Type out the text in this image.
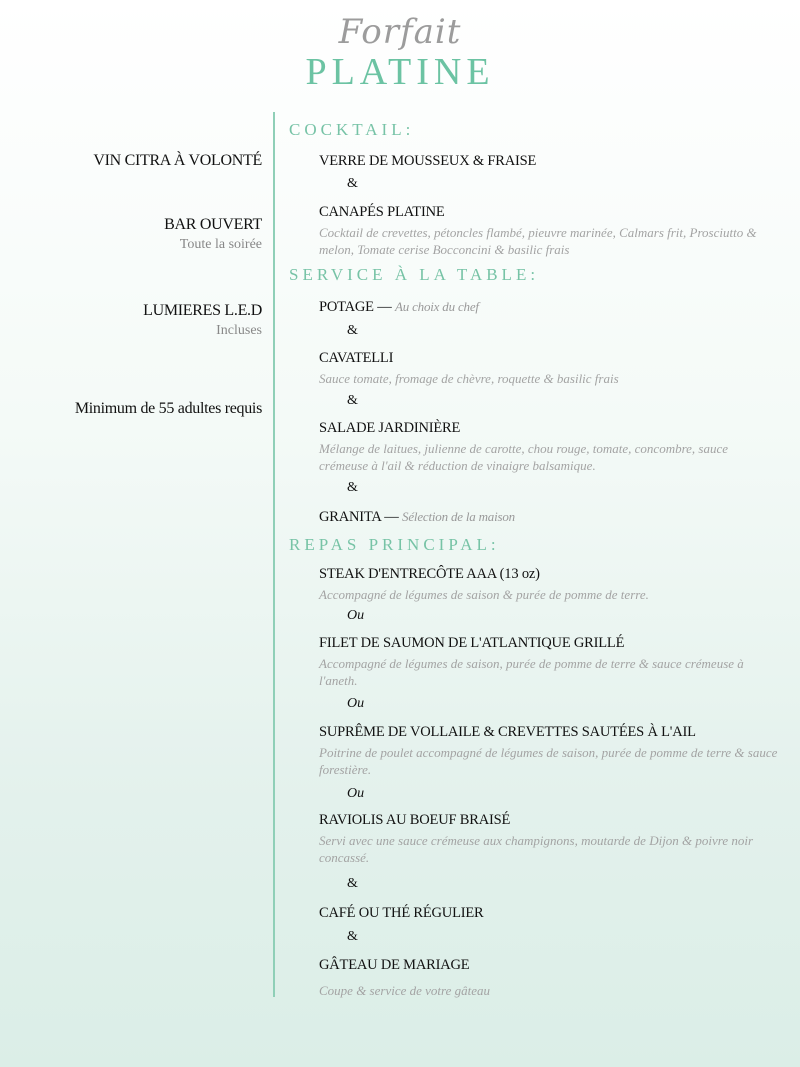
Forfait
PLATINE
VIN CITRA À VOLONTÉ
BAR OUVERT
Toute la soirée
LUMIERES L.E.D
Incluses
Minimum de 55 adultes requis
COCKTAIL:
SERVICE À LA TABLE:
REPAS PRINCIPAL:
VERRE DE MOUSSEUX & FRAISE
&
CANAPÉS PLATINE
Cocktail de crevettes, pétoncles flambé, pieuvre marinée, Calmars frit, Prosciutto & melon, Tomate cerise Bocconcini & basilic frais
POTAGE — Au choix du chef
&
CAVATELLI
Sauce tomate, fromage de chèvre, roquette & basilic frais
&
SALADE JARDINIÈRE
Mélange de laitues, julienne de carotte, chou rouge, tomate, concombre, sauce crémeuse à l'ail & réduction de vinaigre balsamique.
&
GRANITA — Sélection de la maison
STEAK D'ENTRECÔTE AAA (13 oz)
Accompagné de légumes de saison & purée de pomme de terre.
Ou
FILET DE SAUMON DE L'ATLANTIQUE GRILLÉ
Accompagné de légumes de saison, purée de pomme de terre & sauce crémeuse à l'aneth.
Ou
SUPRÊME DE VOLLAILE & CREVETTES SAUTÉES À L'AIL
Poitrine de poulet accompagné de légumes de saison, purée de pomme de terre & sauce forestière.
Ou
RAVIOLIS AU BOEUF BRAISÉ
Servi avec une sauce crémeuse aux champignons, moutarde de Dijon & poivre noir concassé.
&
CAFÉ OU THÉ RÉGULIER
&
GÂTEAU DE MARIAGE
Coupe & service de votre gâteau
